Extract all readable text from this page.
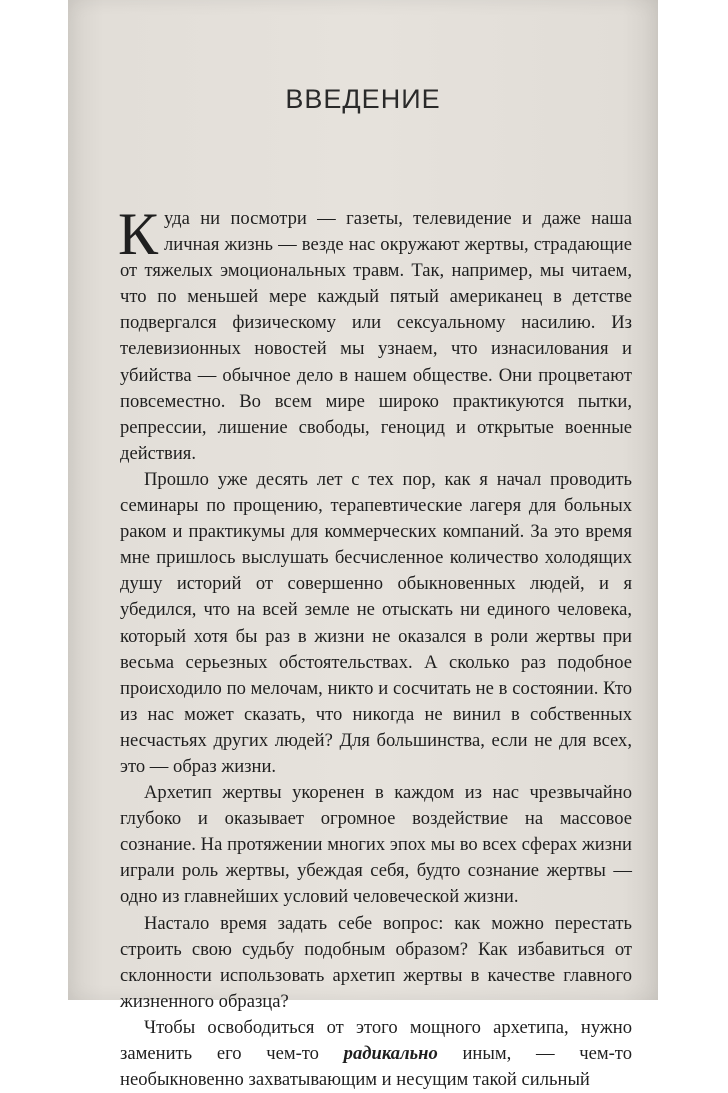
ВВЕДЕНИЕ

Куда ни посмотри — газеты, телевидение и даже наша личная жизнь — везде нас окружают жертвы, страдающие от тяжелых эмоциональных травм. Так, например, мы читаем, что по меньшей мере каждый пятый американец в детстве подвергался физическому или сексуальному насилию. Из телевизионных новостей мы узнаем, что изнасилования и убийства — обычное дело в нашем обществе. Они процветают повсеместно. Во всем мире широко практикуются пытки, репрессии, лишение свободы, геноцид и открытые военные действия.

Прошло уже десять лет с тех пор, как я начал проводить семинары по прощению, терапевтические лагеря для больных раком и практикумы для коммерческих компаний. За это время мне пришлось выслушать бесчисленное количество холодящих душу историй от совершенно обыкновенных людей, и я убедился, что на всей земле не отыскать ни единого человека, который хотя бы раз в жизни не оказался в роли жертвы при весьма серьезных обстоятельствах. А сколько раз подобное происходило по мелочам, никто и сосчитать не в состоянии. Кто из нас может сказать, что никогда не винил в собственных несчастьях других людей? Для большинства, если не для всех, это — образ жизни.

Архетип жертвы укоренен в каждом из нас чрезвычайно глубоко и оказывает огромное воздействие на массовое сознание. На протяжении многих эпох мы во всех сферах жизни играли роль жертвы, убеждая себя, будто сознание жертвы — одно из главнейших условий человеческой жизни.

Настало время задать себе вопрос: как можно перестать строить свою судьбу подобным образом? Как избавиться от склонности использовать архетип жертвы в качестве главного жизненного образца?

Чтобы освободиться от этого мощного архетипа, нужно заменить его чем-то радикально иным, — чем-то необыкновенно захватывающим и несущим такой сильный
